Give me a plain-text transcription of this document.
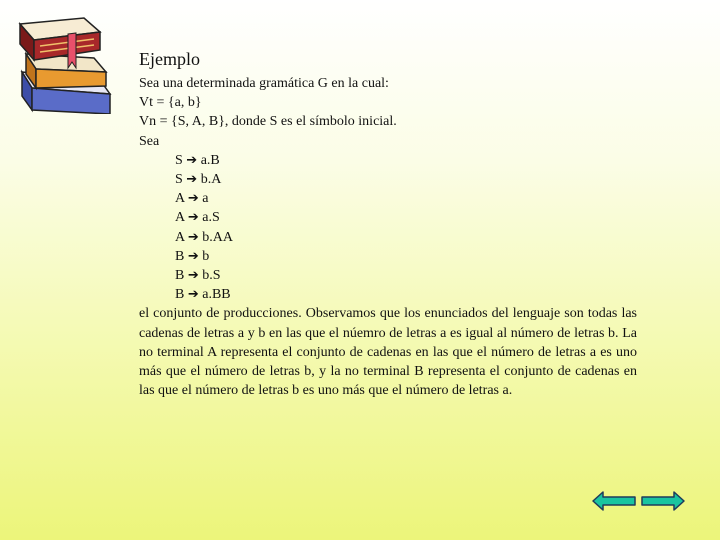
Ejemplo

Sea una determinada gramática G en la cual:

Vt = {a, b}

Vn = {S, A, B}, donde S es el símbolo inicial.

Sea

S ➔ a.B
S ➔ b.A
A ➔ a
A ➔ a.S
A ➔ b.AA
B ➔ b
B ➔ b.S
B ➔ a.BB

el conjunto de producciones. Observamos que los enunciados del lenguaje son todas las cadenas de letras a y b en las que el núemro de letras a es igual al número de letras b. La no terminal A representa el conjunto de cadenas en las que el número de letras a es uno más que el número de letras b, y la no terminal B representa el conjunto de cadenas en las que el número de letras b es uno más que el número de letras a.
